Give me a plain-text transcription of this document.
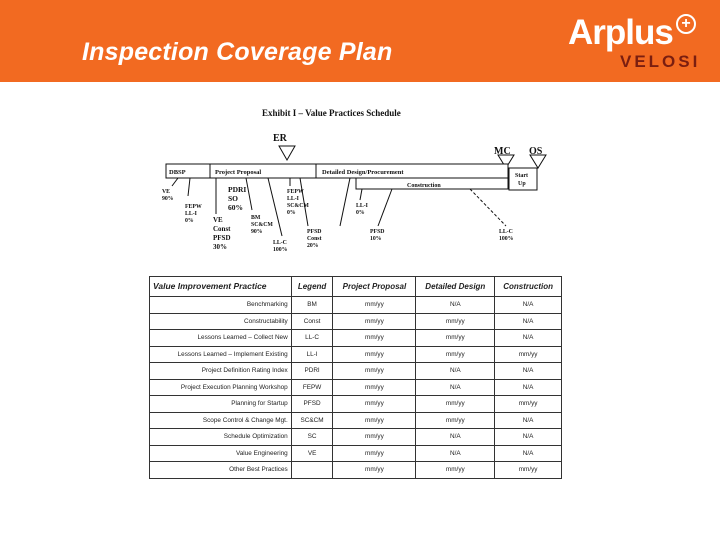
Inspection Coverage Plan	Arplus +
VELOSI
Exhibit I – Value Practices Schedule
ER
MC OS
DBSP	Project Proposal	Detailed Design/Procurement
Construction
Start
Up
VE
90%
FEPW
LL-I
0%
PDRI
SO
60%
VE
Const
PFSD
30%
BM
SC&CM
90%
LL-C
100%
FEPW
LL-I
SC&CM
0%
PFSD
Const
20%
LL-I
0%
PFSD
10%
LL-C
100%
Value Improvement Practice	Legend	Project Proposal	Detailed Design	Construction
Benchmarking	BM	mm/yy	N/A	N/A
Constructability	Const	mm/yy	mm/yy	N/A
Lessons Learned – Collect New	LL-C	mm/yy	mm/yy	N/A
Lessons Learned – Implement Existing	LL-I	mm/yy	mm/yy	mm/yy
Project Definition Rating Index	PDRI	mm/yy	N/A	N/A
Project Execution Planning Workshop	FEPW	mm/yy	N/A	N/A
Planning for Startup	PFSD	mm/yy	mm/yy	mm/yy
Scope Control & Change Mgt.	SC&CM	mm/yy	mm/yy	N/A
Schedule Optimization	SC	mm/yy	N/A	N/A
Value Engineering	VE	mm/yy	N/A	N/A
Other Best Practices		mm/yy	mm/yy	mm/yy
